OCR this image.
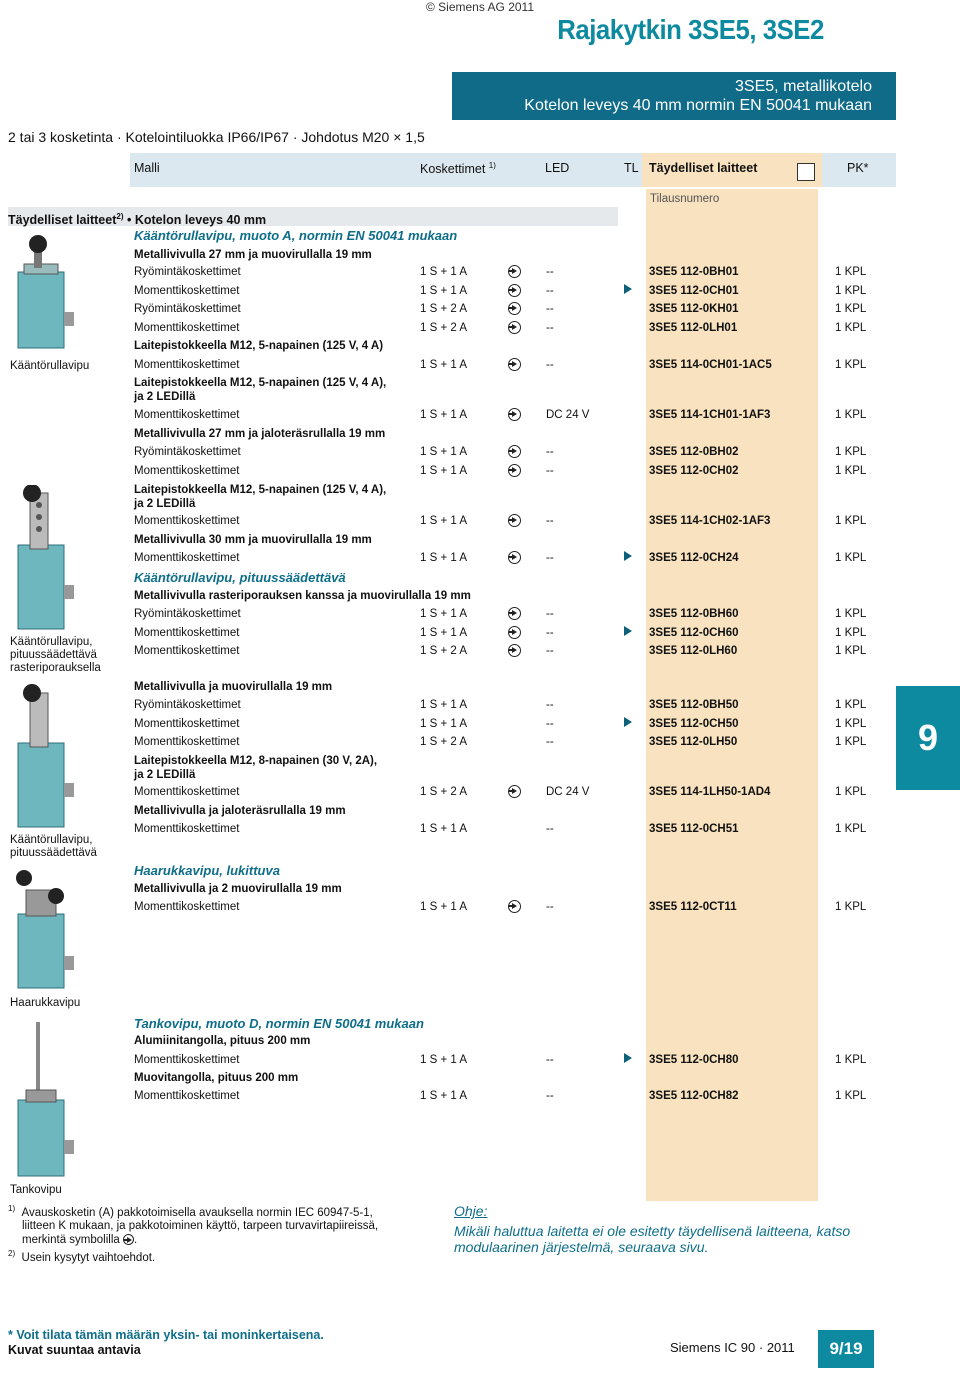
© Siemens AG 2011
Rajakytkin 3SE5, 3SE2
3SE5, metallikotelo
Kotelon leveys 40 mm normin EN 50041 mukaan
2 tai 3 kosketinta · Kotelointiluokka IP66/IP67 · Johdotus M20 × 1,5
Malli	Koskettimet $^{1)}$	LED	TL Täydelliset laitteet	PK*
Tilausnumero
Täydelliset laitteet$^{2)}$ • Kotelon leveys 40 mm
Kääntörullavipu, muoto A, normin EN 50041 mukaan
Metallivivulla 27 mm ja muovirullalla 19 mm
Laitepistokkeella M12, 5-napainen (125 V, 4 A)
Laitepistokkeella M12, 5-napainen (125 V, 4 A),
ja 2 LEDillä
Metallivivulla 27 mm ja jaloteräsrullalla 19 mm
Laitepistokkeella M12, 5-napainen (125 V, 4 A),
ja 2 LEDillä
Metallivivulla 30 mm ja muovirullalla 19 mm
Kääntörullavipu, pituussäädettävä
Metallivivulla rasteriporauksen kanssa ja muovirullalla 19 mm
Metallivivulla ja muovirullalla 19 mm
Laitepistokkeella M12, 8-napainen (30 V, 2A),
ja 2 LEDillä
Metallivivulla ja jaloteräsrullalla 19 mm
Haarukkavipu, lukittuva
Metallivivulla ja 2 muovirullalla 19 mm
Tankovipu, muoto D, normin EN 50041 mukaan
Alumiinitangolla, pituus 200 mm
Muovitangolla, pituus 200 mm
Ryömintäkoskettimet	1 S + 1 A	--	3SE5 112-0BH01	1 KPL
Momenttikoskettimet	1 S + 1 A	--	3SE5 112-0CH01	1 KPL
Ryömintäkoskettimet	1 S + 2 A	--	3SE5 112-0KH01	1 KPL
Momenttikoskettimet	1 S + 2 A	--	3SE5 112-0LH01	1 KPL
Momenttikoskettimet	1 S + 1 A	--	3SE5 114-0CH01-1AC5	1 KPL
Momenttikoskettimet	1 S + 1 A	DC 24 V	3SE5 114-1CH01-1AF3	1 KPL
Ryömintäkoskettimet	1 S + 1 A	--	3SE5 112-0BH02	1 KPL
Momenttikoskettimet	1 S + 1 A	--	3SE5 112-0CH02	1 KPL
Momenttikoskettimet	1 S + 1 A	--	3SE5 114-1CH02-1AF3	1 KPL
Momenttikoskettimet	1 S + 1 A	--	3SE5 112-0CH24	1 KPL
Ryömintäkoskettimet	1 S + 1 A	--	3SE5 112-0BH60	1 KPL
Momenttikoskettimet	1 S + 1 A	--	3SE5 112-0CH60	1 KPL
Momenttikoskettimet	1 S + 2 A	--	3SE5 112-0LH60	1 KPL
Ryömintäkoskettimet	1 S + 1 A	--	3SE5 112-0BH50	1 KPL
Momenttikoskettimet	1 S + 1 A	--	3SE5 112-0CH50	1 KPL
Momenttikoskettimet	1 S + 2 A	--	3SE5 112-0LH50	1 KPL
Momenttikoskettimet	1 S + 2 A	DC 24 V	3SE5 114-1LH50-1AD4	1 KPL
Momenttikoskettimet	1 S + 1 A	--	3SE5 112-0CH51	1 KPL
Momenttikoskettimet	1 S + 1 A	--	3SE5 112-0CT11	1 KPL
Momenttikoskettimet	1 S + 1 A	--	3SE5 112-0CH80	1 KPL
Momenttikoskettimet	1 S + 1 A	--	3SE5 112-0CH82	1 KPL
Kääntörullavipu
Kääntörullavipu,
pituussäädettävä
rasteriporauksella
Kääntörullavipu,
pituussäädettävä
Haarukkavipu
Tankovipu
9
$^{1)}$ Avauskosketin (A) pakkotoimisella avauksella normin IEC 60947-5-1,
liitteen K mukaan, ja pakkotoiminen käyttö, tarpeen turvavirtapiireissä,
merkintä symbolilla .
$^{2)}$ Usein kysytyt vaihtoehdot.
Ohje:
Mikäli haluttua laitetta ei ole esitetty täydellisenä laitteena, katso
modulaarinen järjestelmä, seuraava sivu.
* Voit tilata tämän määrän yksin- tai moninkertaisena.
Kuvat suuntaa antavia	Siemens IC 90 · 2011	9/19
